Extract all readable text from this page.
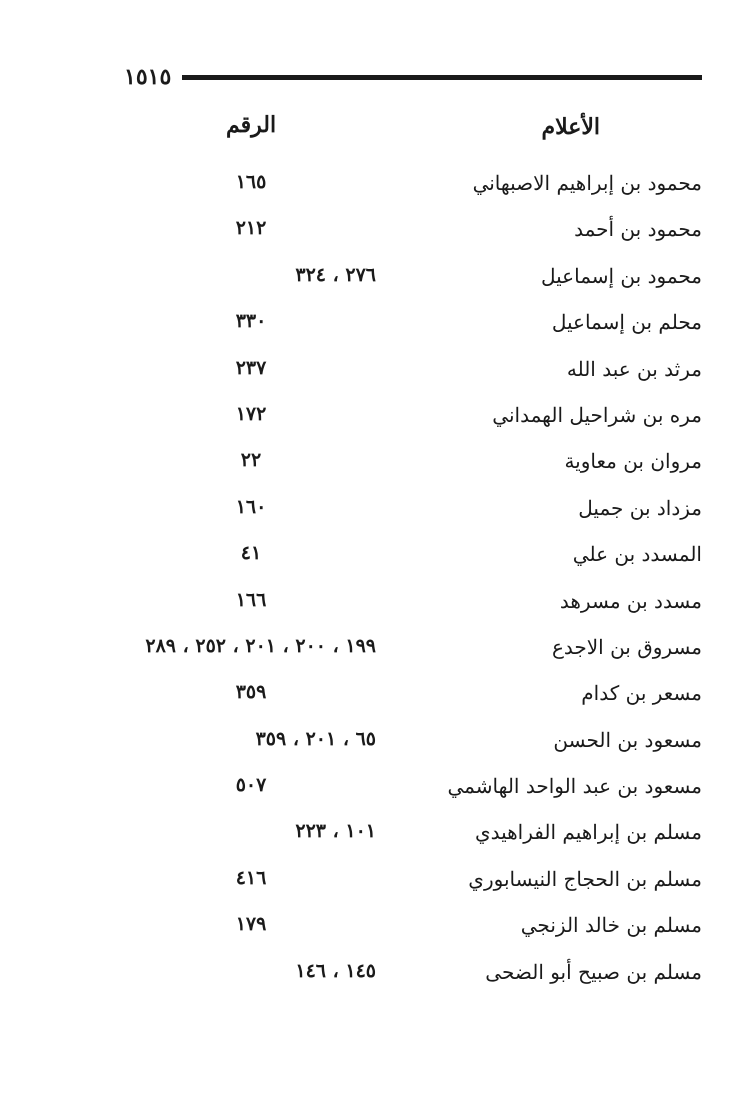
١٥١٥
الأعلام
الرقم
محمود بن إبراهيم الاصبهاني
١٦٥
محمود بن أحمد
٢١٢
محمود بن إسماعيل
٢٧٦ ، ٣٢٤
محلم بن إسماعيل
٣٣٠
مرثد بن عبد الله
٢٣٧
مره بن شراحيل الهمداني
١٧٢
مروان بن معاوية
٢٢
مزداد بن جميل
١٦٠
المسدد بن علي
٤١
مسدد بن مسرهد
١٦٦
مسروق بن الاجدع
١٩٩ ، ٢٠٠ ، ٢٠١ ، ٢٥٢ ، ٢٨٩
مسعر بن كدام
٣٥٩
مسعود بن الحسن
٦٥ ، ٢٠١ ، ٣٥٩
مسعود بن عبد الواحد الهاشمي
٥٠٧
مسلم بن إبراهيم الفراهيدي
١٠١ ، ٢٢٣
مسلم بن الحجاج النيسابوري
٤١٦
مسلم بن خالد الزنجي
١٧٩
مسلم بن صبيح أبو الضحى
١٤٥ ، ١٤٦
